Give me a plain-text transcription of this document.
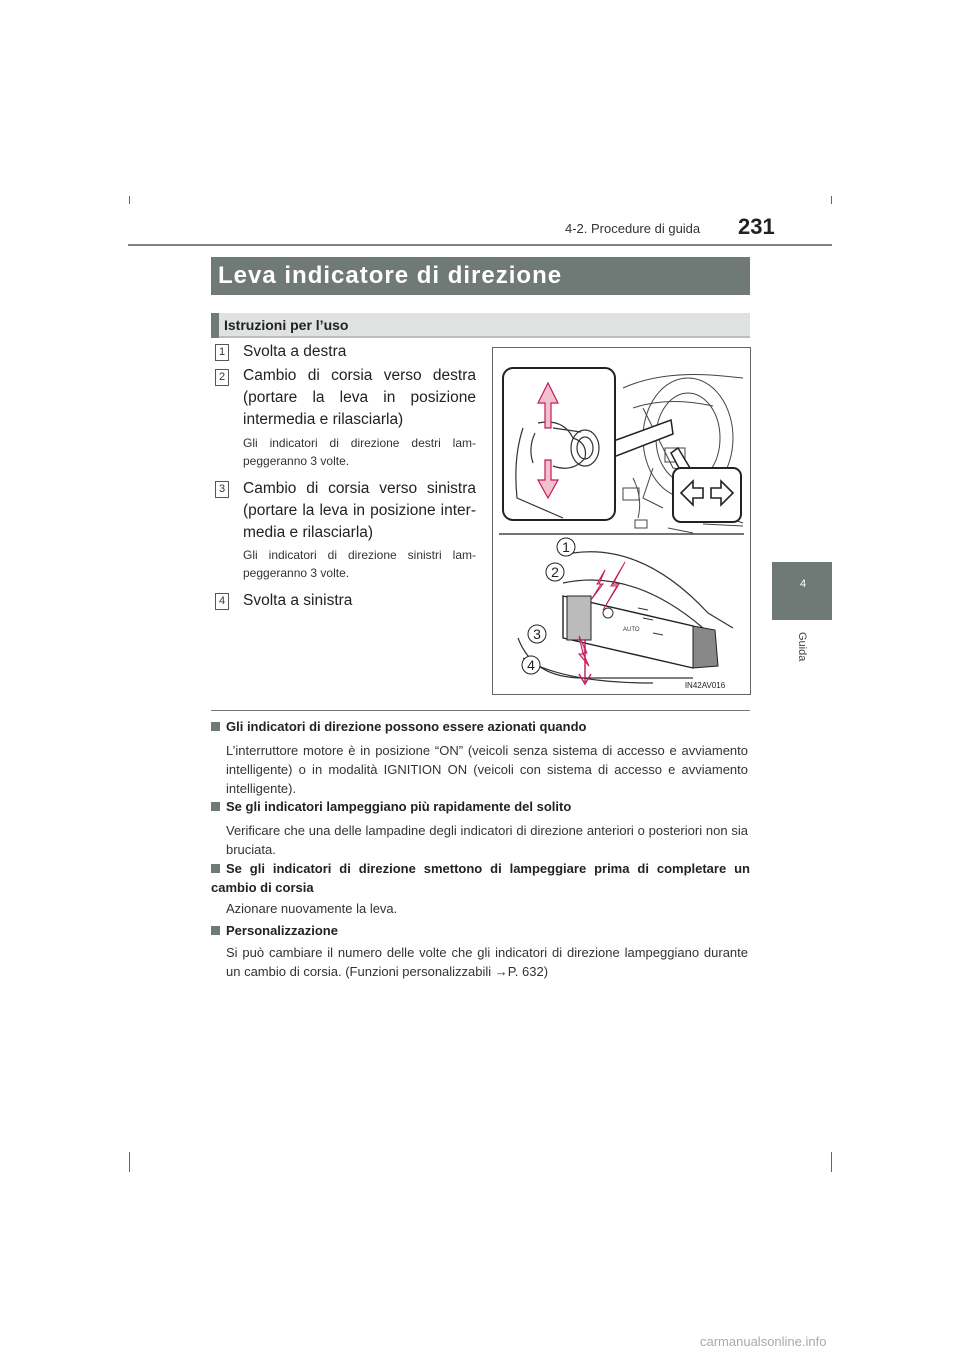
4-2. Procedure di guida 231
4
Guida
Leva indicatore di direzione
Istruzioni per l’uso
1 Svolta a destra
2 Cambio di corsia verso destra (portare la leva in posizione intermedia e rilasciarla)
Gli indicatori di direzione destri lampeggeranno 3 volte.
3 Cambio di corsia verso sinistra (portare la leva in posizione intermedia e rilasciarla)
Gli indicatori di direzione sinistri lampeggeranno 3 volte.
4 Svolta a sinistra
AUTO
1
2
3
4
IN42AV016
Gli indicatori di direzione possono essere azionati quando
L’interruttore motore è in posizione “ON” (veicoli senza sistema di accesso e avviamento intelligente) o in modalità IGNITION ON (veicoli con sistema di accesso e avviamento intelligente).
Se gli indicatori lampeggiano più rapidamente del solito
Verificare che una delle lampadine degli indicatori di direzione anteriori o posteriori non sia bruciata.
Se gli indicatori di direzione smettono di lampeggiare prima di completare un cambio di corsia
Azionare nuovamente la leva.
Personalizzazione
Si può cambiare il numero delle volte che gli indicatori di direzione lampeggiano durante un cambio di corsia. (Funzioni personalizzabili →P. 632)
carmanualsonline.info
